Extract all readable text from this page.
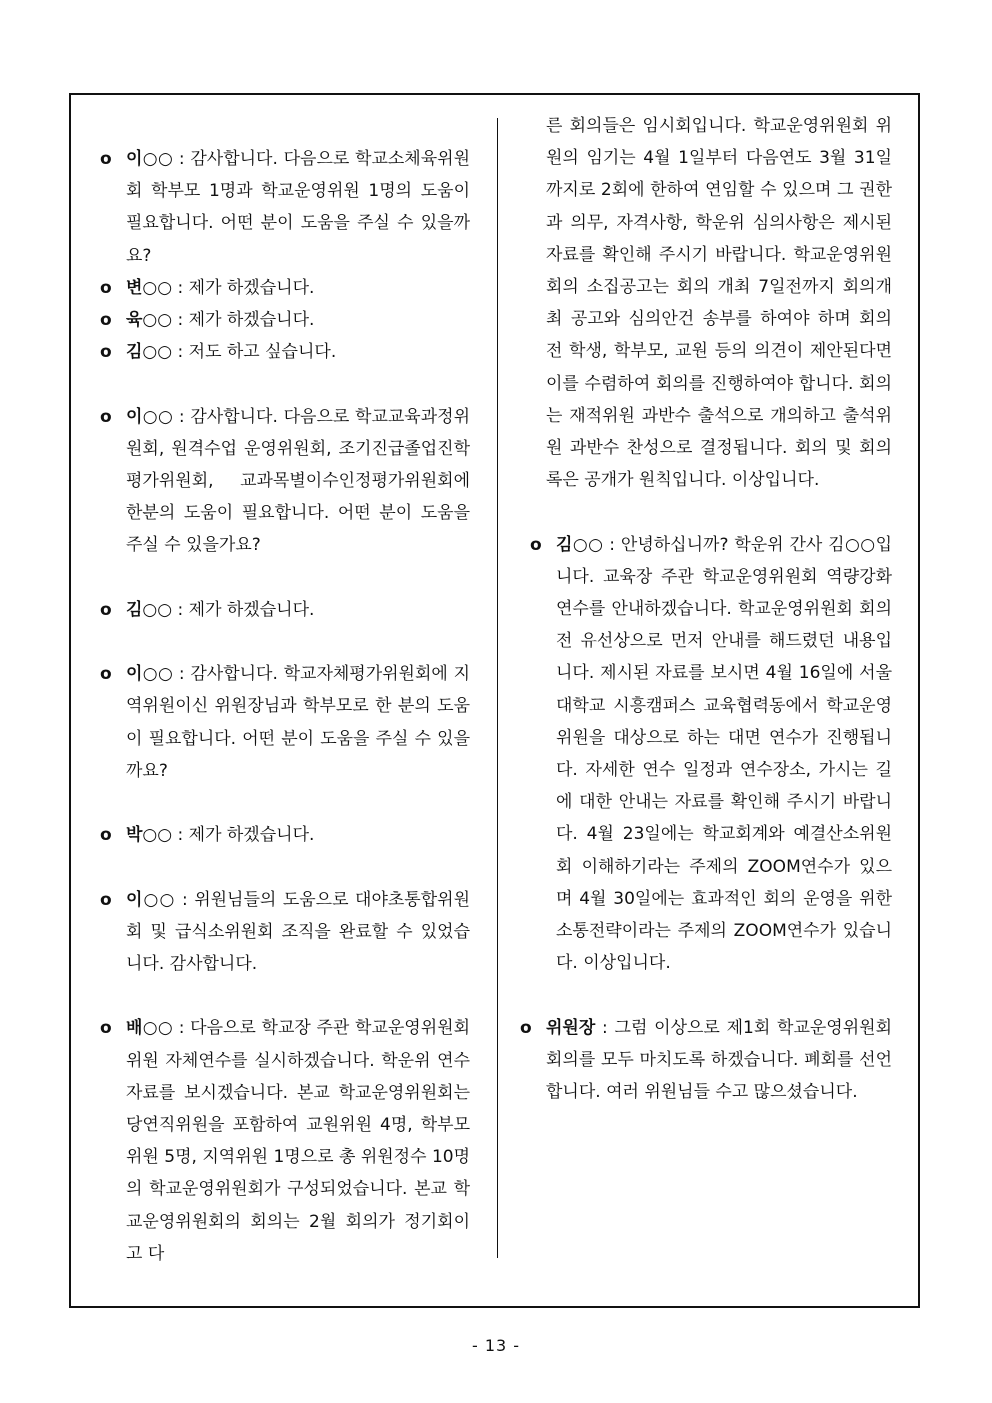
o 이○○ : 감사합니다. 다음으로 학교소체육위원회 학부모 1명과 학교운영위원 1명의 도움이 필요합니다. 어떤 분이 도움을 주실 수 있을까요?
o 변○○ : 제가 하겠습니다.
o 육○○ : 제가 하겠습니다.
o 김○○ : 저도 하고 싶습니다.
o 이○○ : 감사합니다. 다음으로 학교교육과정위원회, 원격수업 운영위원회, 조기진급졸업진학평가위원회, 교과목별이수인정평가위원회에 한분의 도움이 필요합니다. 어떤 분이 도움을 주실 수 있을가요?
o 김○○ : 제가 하겠습니다.
o 이○○ : 감사합니다. 학교자체평가위원회에 지역위원이신 위원장님과 학부모로 한 분의 도움이 필요합니다. 어떤 분이 도움을 주실 수 있을까요?
o 박○○ : 제가 하겠습니다.
o 이○○ : 위원님들의 도움으로 대야초통합위원회 및 급식소위원회 조직을 완료할 수 있었습니다. 감사합니다.
o 배○○ : 다음으로 학교장 주관 학교운영위원회 위원 자체연수를 실시하겠습니다. 학운위 연수자료를 보시겠습니다. 본교 학교운영위원회는 당연직위원을 포함하여 교원위원 4명, 학부모위원 5명, 지역위원 1명으로 총 위원정수 10명의 학교운영위원회가 구성되었습니다. 본교 학교운영위원회의 회의는 2월 회의가 정기회이고 다
른 회의들은 임시회입니다. 학교운영위원회 위원의 임기는 4월 1일부터 다음연도 3월 31일까지로 2회에 한하여 연임할 수 있으며 그 권한과 의무, 자격사항, 학운위 심의사항은 제시된 자료를 확인해 주시기 바랍니다. 학교운영위원회의 소집공고는 회의 개최 7일전까지 회의개최 공고와 심의안건 송부를 하여야 하며 회의 전 학생, 학부모, 교원 등의 의견이 제안된다면 이를 수렴하여 회의를 진행하여야 합니다. 회의는 재적위원 과반수 출석으로 개의하고 출석위원 과반수 찬성으로 결정됩니다. 회의 및 회의록은 공개가 원칙입니다. 이상입니다.
o 김○○ : 안녕하십니까? 학운위 간사 김○○입니다. 교육장 주관 학교운영위원회 역량강화 연수를 안내하겠습니다. 학교운영위원회 회의전 유선상으로 먼저 안내를 해드렸던 내용입니다. 제시된 자료를 보시면 4월 16일에 서울대학교 시흥캠퍼스 교육협력동에서 학교운영위원을 대상으로 하는 대면 연수가 진행됩니다. 자세한 연수 일정과 연수장소, 가시는 길에 대한 안내는 자료를 확인해 주시기 바랍니다. 4월 23일에는 학교회계와 예결산소위원회 이해하기라는 주제의 ZOOM연수가 있으며 4월 30일에는 효과적인 회의 운영을 위한 소통전략이라는 주제의 ZOOM연수가 있습니다. 이상입니다.
o 위원장 : 그럼 이상으로 제1회 학교운영위원회 회의를 모두 마치도록 하겠습니다. 폐회를 선언합니다. 여러 위원님들 수고 많으셨습니다.
- 13 -
